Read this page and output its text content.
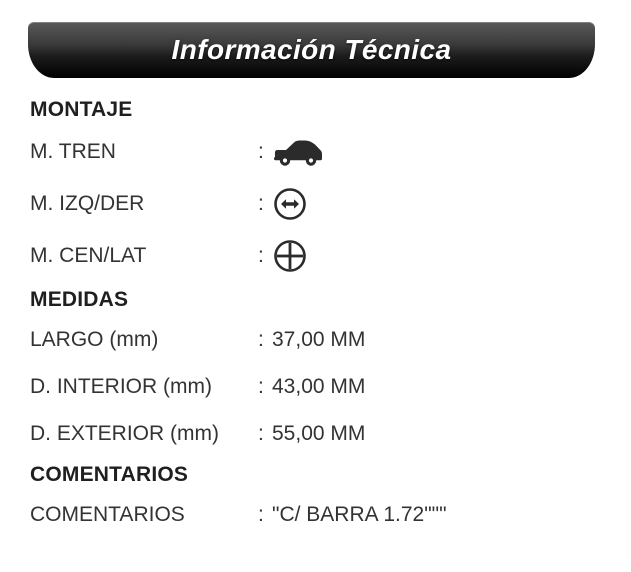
Información Técnica
MONTAJE
M. TREN	:
M. IZQ/DER	:
M. CEN/LAT	:
MEDIDAS
LARGO (mm)	: 37,00 MM
D. INTERIOR (mm)	: 43,00 MM
D. EXTERIOR (mm)	: 55,00 MM
COMENTARIOS
COMENTARIOS	: "C/ BARRA 1.72"""
